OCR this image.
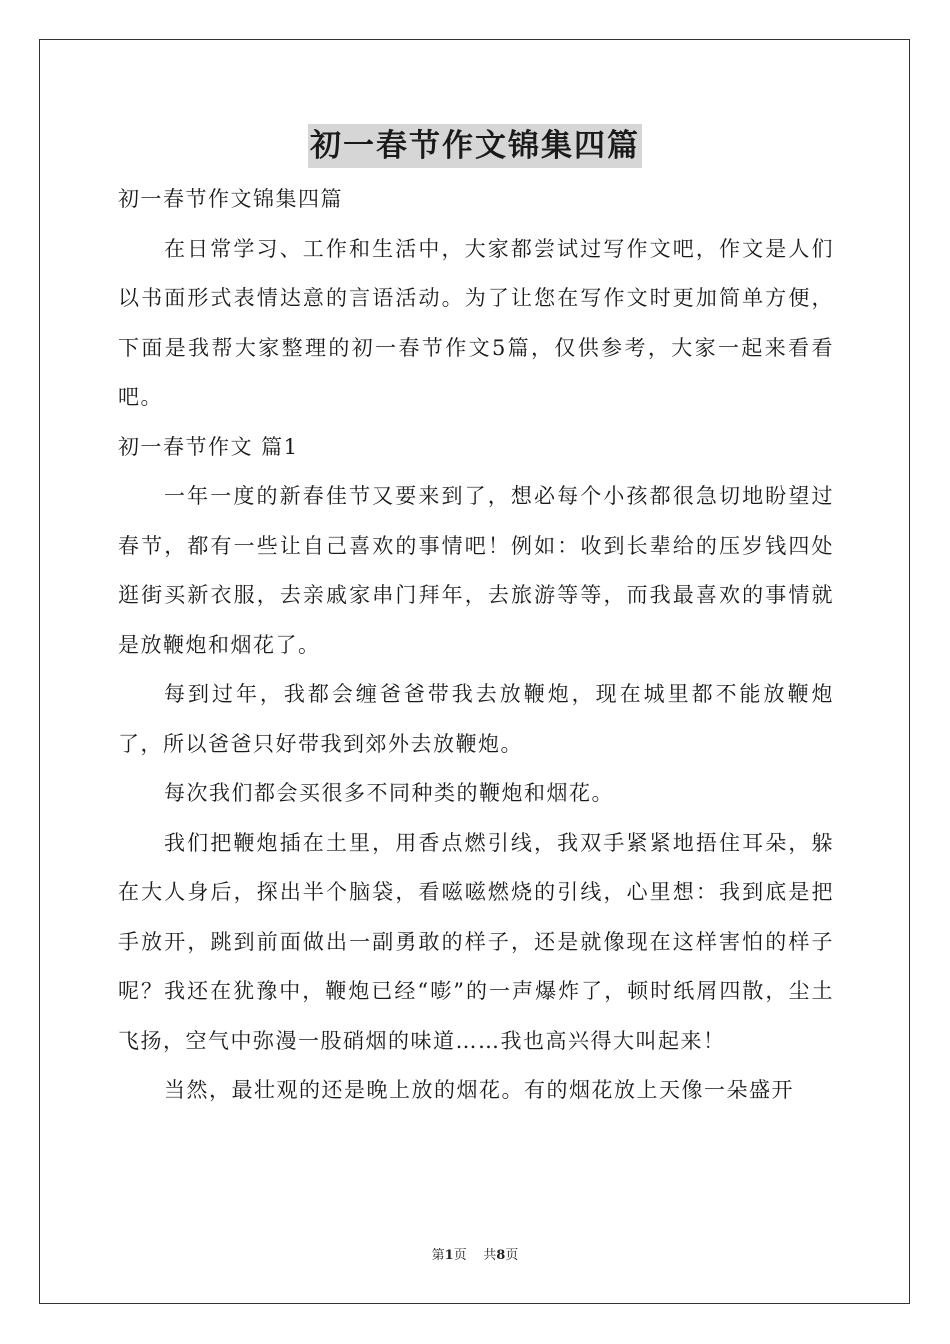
初一春节作文锦集四篇

初一春节作文锦集四篇

在日常学习、工作和生活中，大家都尝试过写作文吧，作文是人们以书面形式表情达意的言语活动。为了让您在写作文时更加简单方便，下面是我帮大家整理的初一春节作文5篇，仅供参考，大家一起来看看吧。

初一春节作文 篇1

一年一度的新春佳节又要来到了，想必每个小孩都很急切地盼望过春节，都有一些让自己喜欢的事情吧！例如：收到长辈给的压岁钱四处逛街买新衣服，去亲戚家串门拜年，去旅游等等，而我最喜欢的事情就是放鞭炮和烟花了。

每到过年，我都会缠爸爸带我去放鞭炮，现在城里都不能放鞭炮了，所以爸爸只好带我到郊外去放鞭炮。

每次我们都会买很多不同种类的鞭炮和烟花。

我们把鞭炮插在土里，用香点燃引线，我双手紧紧地捂住耳朵，躲在大人身后，探出半个脑袋，看嗞嗞燃烧的引线，心里想：我到底是把手放开，跳到前面做出一副勇敢的样子，还是就像现在这样害怕的样子呢？我还在犹豫中，鞭炮已经“嘭”的一声爆炸了，顿时纸屑四散，尘土飞扬，空气中弥漫一股硝烟的味道……我也高兴得大叫起来！

当然，最壮观的还是晚上放的烟花。有的烟花放上天像一朵盛开

第1页 共8页
